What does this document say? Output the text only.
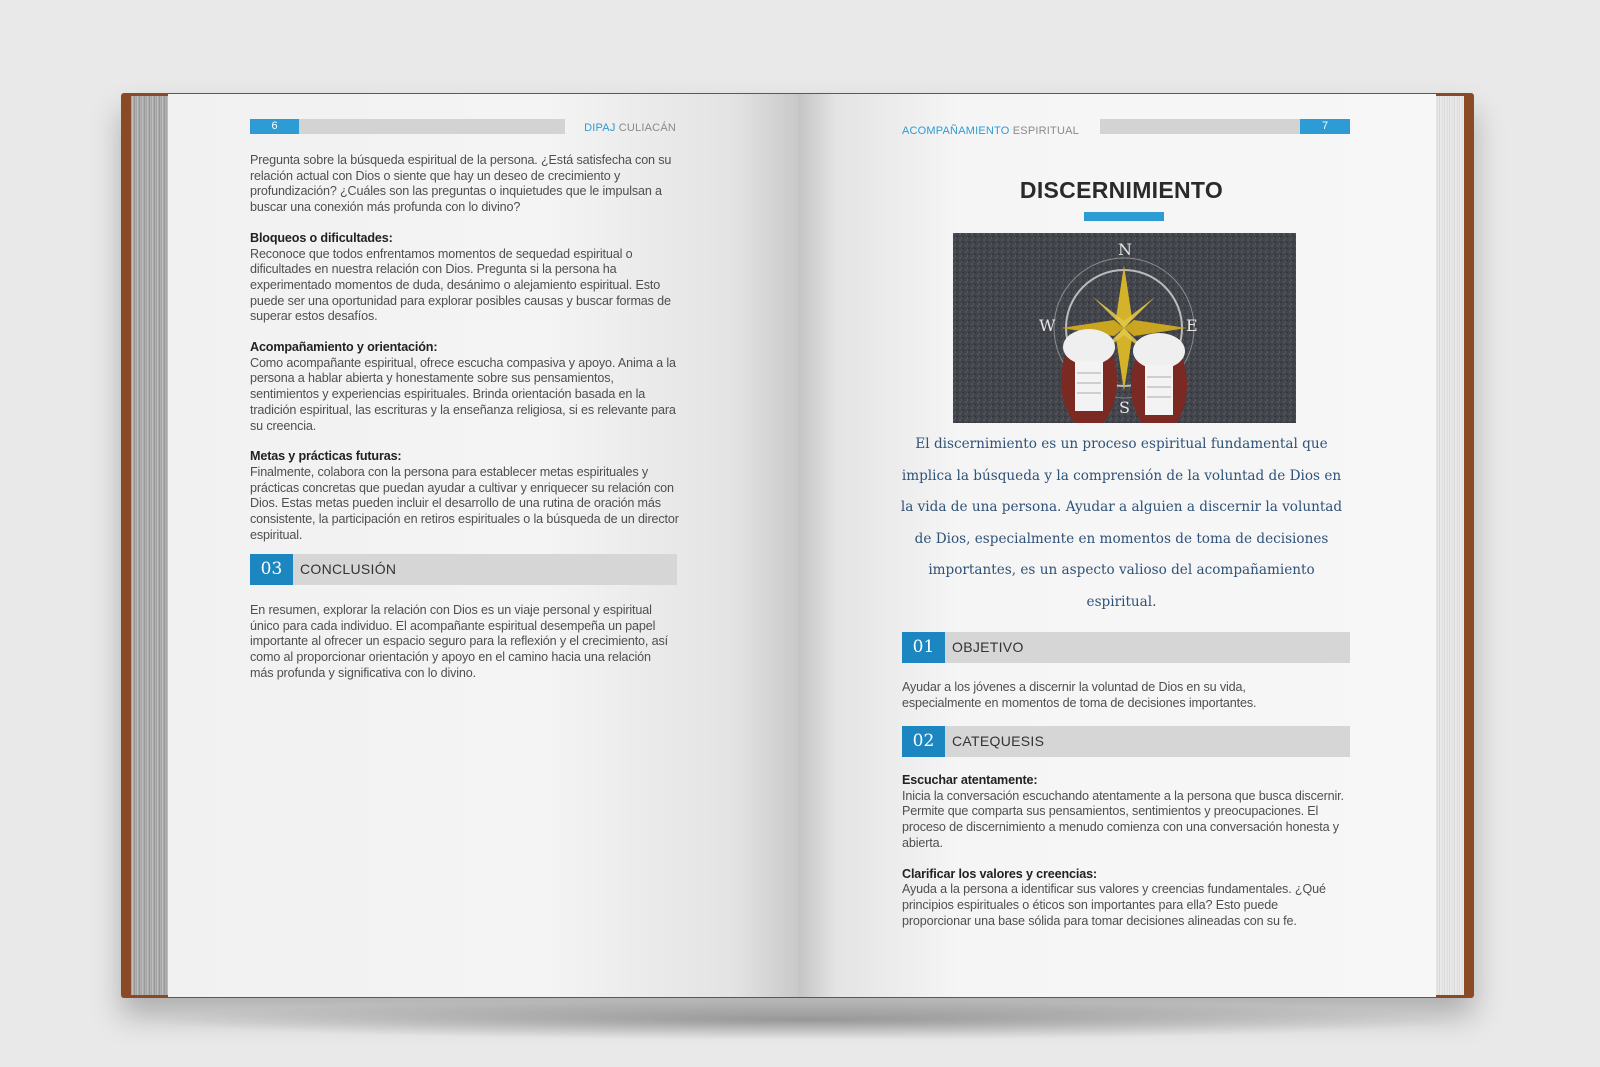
6	DIPAJ CULIACÁN

Pregunta sobre la búsqueda espiritual de la persona. ¿Está satisfecha con su relación actual con Dios o siente que hay un deseo de crecimiento y profundización? ¿Cuáles son las preguntas o inquietudes que le impulsan a buscar una conexión más profunda con lo divino?

Bloqueos o dificultades:
Reconoce que todos enfrentamos momentos de sequedad espiritual o dificultades en nuestra relación con Dios. Pregunta si la persona ha experimentado momentos de duda, desánimo o alejamiento espiritual. Esto puede ser una oportunidad para explorar posibles causas y buscar formas de superar estos desafíos.

Acompañamiento y orientación:
Como acompañante espiritual, ofrece escucha compasiva y apoyo. Anima a la persona a hablar abierta y honestamente sobre sus pensamientos, sentimientos y experiencias espirituales. Brinda orientación basada en la tradición espiritual, las escrituras y la enseñanza religiosa, si es relevante para su creencia.

Metas y prácticas futuras:
Finalmente, colabora con la persona para establecer metas espirituales y prácticas concretas que puedan ayudar a cultivar y enriquecer su relación con Dios. Estas metas pueden incluir el desarrollo de una rutina de oración más consistente, la participación en retiros espirituales o la búsqueda de un director espiritual.

03	CONCLUSIÓN
En resumen, explorar la relación con Dios es un viaje personal y espiritual único para cada individuo. El acompañante espiritual desempeña un papel importante al ofrecer un espacio seguro para la reflexión y el crecimiento, así como al proporcionar orientación y apoyo en el camino hacia una relación más profunda y significativa con lo divino.
ACOMPAÑAMIENTO ESPIRITUAL	7
DISCERNIMIENTO
N
E
W
S
El discernimiento es un proceso espiritual fundamental que implica la búsqueda y la comprensión de la voluntad de Dios en la vida de una persona. Ayudar a alguien a discernir la voluntad de Dios, especialmente en momentos de toma de decisiones importantes, es un aspecto valioso del acompañamiento espiritual.
01	OBJETIVO
Ayudar a los jóvenes a discernir la voluntad de Dios en su vida, especialmente en momentos de toma de decisiones importantes.
02	CATEQUESIS

Escuchar atentamente:
Inicia la conversación escuchando atentamente a la persona que busca discernir. Permite que comparta sus pensamientos, sentimientos y preocupaciones. El proceso de discernimiento a menudo comienza con una conversación honesta y abierta.

Clarificar los valores y creencias:
Ayuda a la persona a identificar sus valores y creencias fundamentales. ¿Qué principios espirituales o éticos son importantes para ella? Esto puede proporcionar una base sólida para tomar decisiones alineadas con su fe.
